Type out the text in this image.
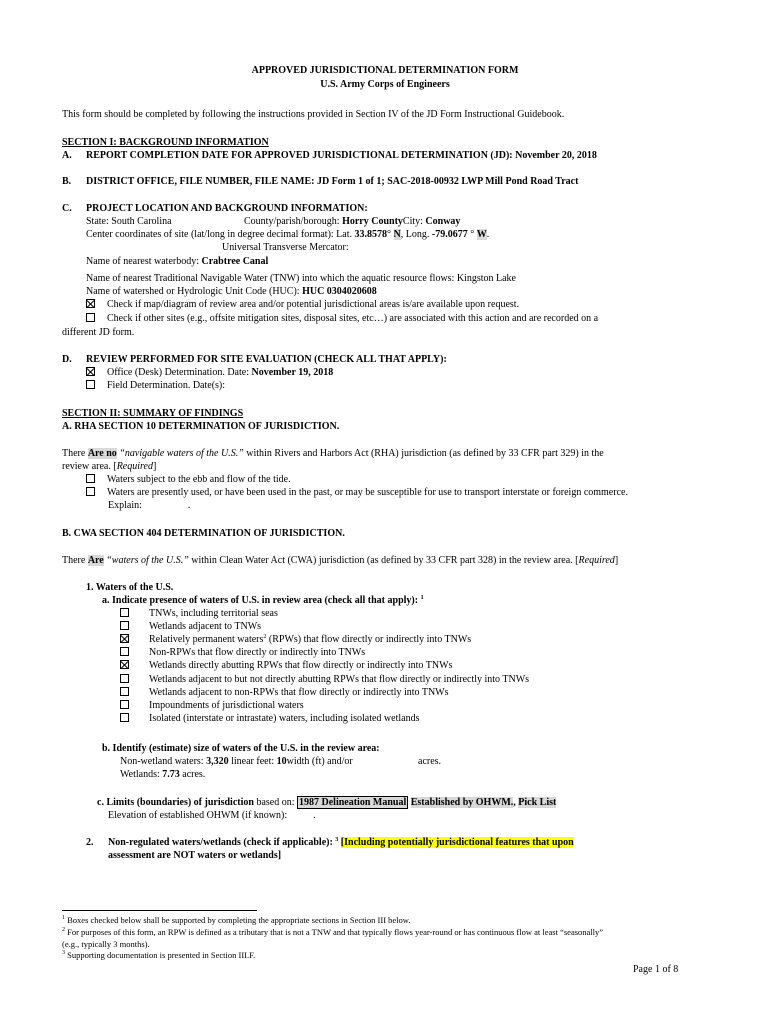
APPROVED JURISDICTIONAL DETERMINATION FORM
U.S. Army Corps of Engineers
This form should be completed by following the instructions provided in Section IV of the JD Form Instructional Guidebook.
SECTION I: BACKGROUND INFORMATION
A. REPORT COMPLETION DATE FOR APPROVED JURISDICTIONAL DETERMINATION (JD): November 20, 2018
B. DISTRICT OFFICE, FILE NUMBER, FILE NAME: JD Form 1 of 1; SAC-2018-00932 LWP Mill Pond Road Tract
C. PROJECT LOCATION AND BACKGROUND INFORMATION:
State: South Carolina	County/parish/borough: Horry CountyCity: Conway
Center coordinates of site (lat/long in degree decimal format): Lat. 33.8578° N, Long. -79.0677 ° W.
Universal Transverse Mercator:
Name of nearest waterbody: Crabtree Canal
Name of nearest Traditional Navigable Water (TNW) into which the aquatic resource flows: Kingston Lake
Name of watershed or Hydrologic Unit Code (HUC): HUC 0304020608
Check if map/diagram of review area and/or potential jurisdictional areas is/are available upon request.
Check if other sites (e.g., offsite mitigation sites, disposal sites, etc…) are associated with this action and are recorded on a
different JD form.
D. REVIEW PERFORMED FOR SITE EVALUATION (CHECK ALL THAT APPLY):
Office (Desk) Determination. Date: November 19, 2018
Field Determination. Date(s):
SECTION II: SUMMARY OF FINDINGS
A. RHA SECTION 10 DETERMINATION OF JURISDICTION.
There Are no “navigable waters of the U.S.” within Rivers and Harbors Act (RHA) jurisdiction (as defined by 33 CFR part 329) in the
review area. [Required]
Waters subject to the ebb and flow of the tide.
Waters are presently used, or have been used in the past, or may be susceptible for use to transport interstate or foreign commerce.
Explain:	.
B. CWA SECTION 404 DETERMINATION OF JURISDICTION.
There Are “waters of the U.S.” within Clean Water Act (CWA) jurisdiction (as defined by 33 CFR part 328) in the review area. [Required]
1. Waters of the U.S.
a. Indicate presence of waters of U.S. in review area (check all that apply): $^1$
TNWs, including territorial seas
Wetlands adjacent to TNWs
Relatively permanent waters$^2$ (RPWs) that flow directly or indirectly into TNWs
Non-RPWs that flow directly or indirectly into TNWs
Wetlands directly abutting RPWs that flow directly or indirectly into TNWs
Wetlands adjacent to but not directly abutting RPWs that flow directly or indirectly into TNWs
Wetlands adjacent to non-RPWs that flow directly or indirectly into TNWs
Impoundments of jurisdictional waters
Isolated (interstate or intrastate) waters, including isolated wetlands
b. Identify (estimate) size of waters of the U.S. in the review area:
Non-wetland waters: 3,320 linear feet: 10width (ft) and/or	acres.
Wetlands: 7.73 acres.
c. Limits (boundaries) of jurisdiction based on: 1987 Delineation Manual Established by OHWM., Pick List
Elevation of established OHWM (if known):	.
2. Non-regulated waters/wetlands (check if applicable): $^3$ [Including potentially jurisdictional features that upon
assessment are NOT waters or wetlands]
$^1$ Boxes checked below shall be supported by completing the appropriate sections in Section III below.
$^2$ For purposes of this form, an RPW is defined as a tributary that is not a TNW and that typically flows year-round or has continuous flow at least “seasonally”
(e.g., typically 3 months).
$^3$ Supporting documentation is presented in Section III.F.
Page 1 of 8
